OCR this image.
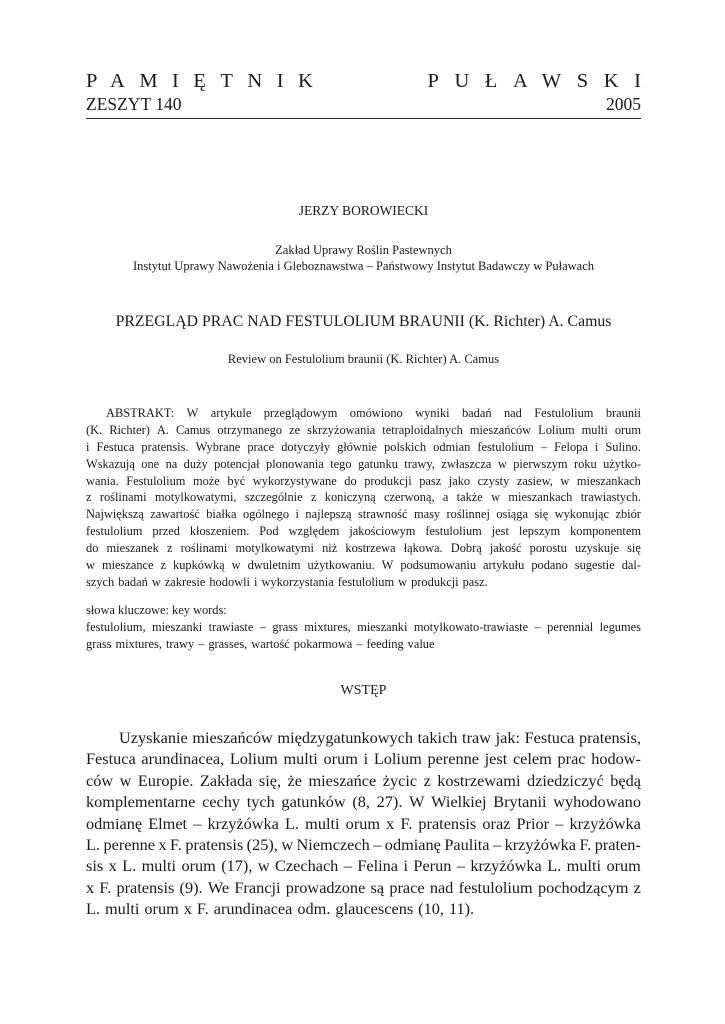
PAMIĘTNIK	PUŁAWSKI
ZESZYT 140	2005
JERZY BOROWIECKI
Zakład Uprawy Roślin Pastewnych
Instytut Uprawy Nawożenia i Gleboznawstwa – Państwowy Instytut Badawczy w Puławach
PRZEGLĄD PRAC NAD FESTULOLIUM BRAUNII (K. Richter) A. Camus
Review on Festulolium braunii (K. Richter) A. Camus
ABSTRAKT: W artykule przeglądowym omówiono wyniki badań nad Festulolium braunii
(K. Richter) A. Camus otrzymanego ze skrzyżowania tetraploidalnych mieszańców Lolium multi orum
i Festuca pratensis. Wybrane prace dotyczyły głównie polskich odmian festulolium – Felopa i Sulino.
Wskazują one na duży potencjał plonowania tego gatunku trawy, zwłaszcza w pierwszym roku użytko-
wania. Festulolium może być wykorzystywane do produkcji pasz jako czysty zasiew, w mieszankach
z roślinami motylkowatymi, szczególnie z koniczyną czerwoną, a także w mieszankach trawiastych.
Największą zawartość białka ogólnego i najlepszą strawność masy roślinnej osiąga się wykonując zbiór
festulolium przed kłoszeniem. Pod względem jakościowym festulolium jest lepszym komponentem
do mieszanek z roślinami motylkowatymi niż kostrzewa łąkowa. Dobrą jakość porostu uzyskuje się
w mieszance z kupkówką w dwuletnim użytkowaniu. W podsumowaniu artykułu podano sugestie dal-
szych badań w zakresie hodowli i wykorzystania festulolium w produkcji pasz.
słowa kluczowe: key words:
festulolium, mieszanki trawiaste – grass mixtures, mieszanki motylkowato-trawiaste – perennial legumes
grass mixtures, trawy – grasses, wartość pokarmowa – feeding value
WSTĘP
Uzyskanie mieszańców międzygatunkowych takich traw jak: Festuca pratensis,
Festuca arundinacea, Lolium multi orum i Lolium perenne jest celem prac hodow-
ców w Europie. Zakłada się, że mieszańce życic z kostrzewami dziedziczyć będą
komplementarne cechy tych gatunków (8, 27). W Wielkiej Brytanii wyhodowano
odmianę Elmet – krzyżówka L. multi orum x F. pratensis oraz Prior – krzyżówka
L. perenne x F. pratensis (25), w Niemczech – odmianę Paulita – krzyżówka F. praten-
sis x L. multi orum (17), w Czechach – Felina i Perun – krzyżówka L. multi orum
x F. pratensis (9). We Francji prowadzone są prace nad festulolium pochodzącym z
L. multi orum x F. arundinacea odm. glaucescens (10, 11).
